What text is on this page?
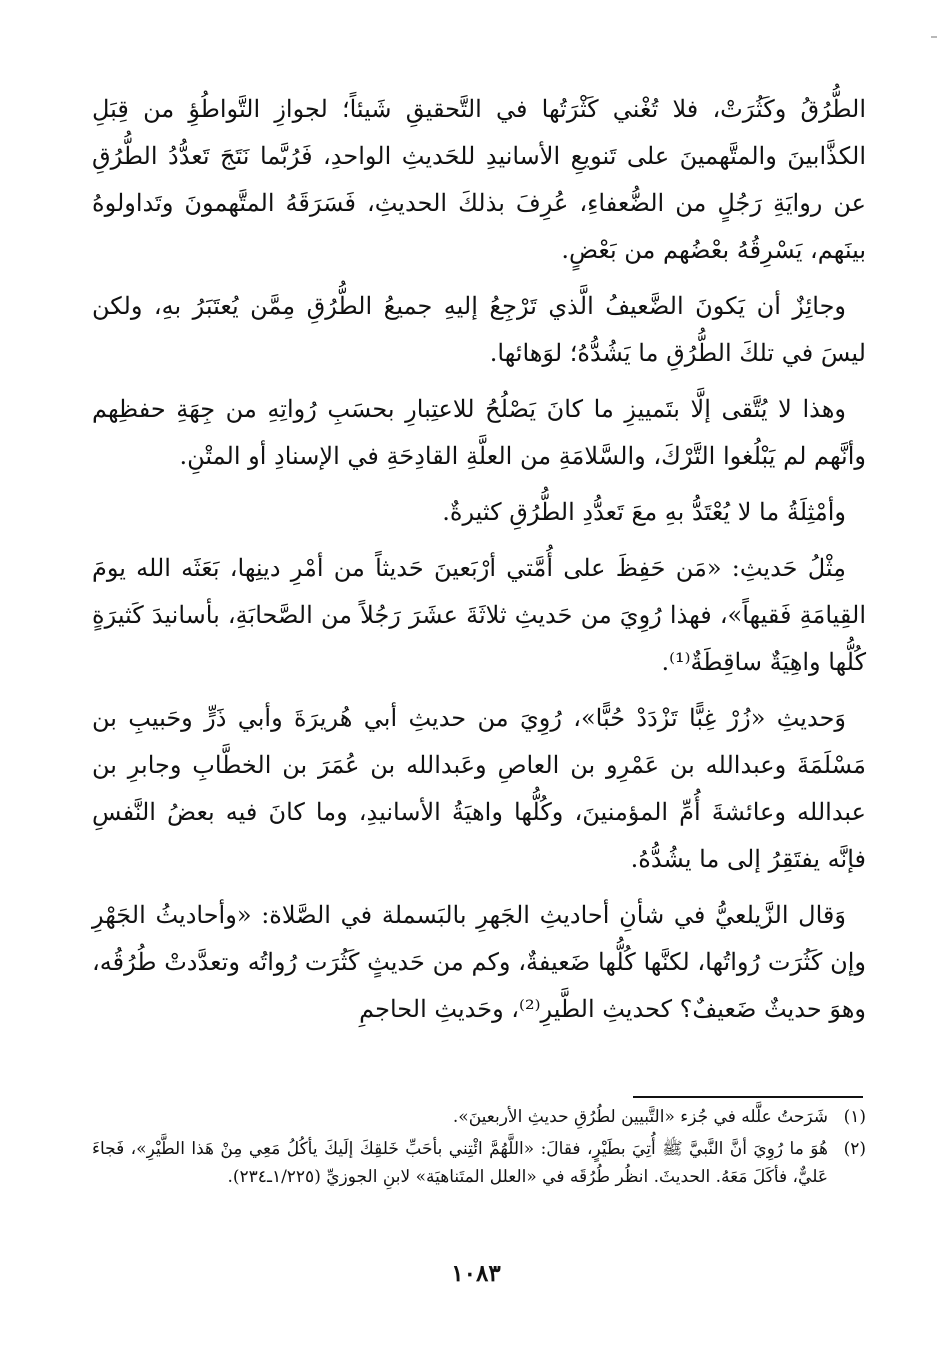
الطُّرُقُ وكَثُرَتْ، فلا تُغْني كَثْرَتُها في التَّحقيقِ شَيئاً؛ لجوازِ التَّواطُؤِ من قِبَلِ الكذَّابينَ والمتَّهمينَ على تَنويعِ الأسانيدِ للحَديثِ الواحدِ، فَرُبَّما نَتَجَ تَعدُّدُ الطُّرُقِ عن روايَةِ رَجُلٍ من الضُّعفاءِ، عُرِفَ بذلكَ الحديثِ، فَسَرَقَهُ المتَّهمونَ وتَداولوهُ بينَهم، يَسْرِقُهُ بعْضُهم من بَعْضٍ.

وجائِزٌ أن يَكونَ الضَّعيفُ الَّذي تَرْجِعُ إليهِ جميعُ الطُّرُقِ مِمَّن يُعتَبَرُ بهِ، ولكن ليسَ في تلكَ الطُّرُقِ ما يَشُدُّهُ؛ لوَهائها.

وهذا لا يُتَّقى إلَّا بتَمييزِ ما كانَ يَصْلُحُ للاعتِبارِ بحسَبِ رُواتِهِ من جِهَةِ حفظِهم وأنَّهم لم يَبْلُغوا التَّرْكَ، والسَّلامَةِ من العلَّةِ القادِحَةِ في الإسنادِ أو المتْنِ.

وأمْثِلَةُ ما لا يُعْتَدُّ بهِ معَ تَعدُّدِ الطُّرُقِ كثيرةٌ.

مِثْلُ حَديثِ: «مَن حَفِظَ على أُمَّتي أرْبَعينَ حَديثاً من أمْرِ دينِها، بَعَثَه الله يومَ القِيامَةِ فَقيهاً»، فهذا رُوِيَ من حَديثِ ثلاثَةَ عشَرَ رَجُلاً من الصَّحابَةِ، بأسانيدَ كَثيرَةٍ كُلُّها واهِيَةٌ ساقِطَةٌ⁽¹⁾.

وَحديثِ «زُرْ غِبًّا تَزْدَدْ حُبًّا»، رُوِيَ من حديثِ أبي هُريرَةَ وأبي ذَرٍّ وحَبيبِ بن مَسْلَمَةَ وعبدالله بن عَمْرِو بن العاصِ وعَبدالله بن عُمَرَ بن الخطَّابِ وجابرِ بن عبدالله وعائشةَ أُمِّ المؤمنينَ، وكُلُّها واهيَةُ الأسانيدِ، وما كانَ فيه بعضُ النَّفسِ فإنَّه يفتَقِرُ إلى ما يشُدُّهُ.

وَقال الزَّيلعيُّ في شأنِ أحاديثِ الجَهرِ بالبَسملة في الصَّلاة: «وأحاديثُ الجَهْرِ وإن كَثُرَت رُواتُها، لكنَّها كُلُّها ضَعيفةٌ، وكم من حَديثٍ كَثُرَت رُواتُه وتعدَّدتْ طُرُقُه، وهوَ حديثٌ ضَعيفٌ؟ كحديثِ الطَّيرِ⁽²⁾، وحَديثِ الحاجمِ

(١)
شَرَحتُ علَّله في جُزء «التَّبيين لطُرُقِ حديثِ الأربعينَ».
(٢)
هُوَ ما رُوِيَ أنَّ النَّبيَّ ﷺ أُتِيَ بطَيْرٍ، فقالَ: «اللَّهُمَّ ائْتِني بأحَبِّ خَلقِكَ إلَيكَ يأكُلُ مَعِي مِنْ هَذا الطَّيْرِ»، فَجاءَ عَليٌّ، فأكَلَ مَعَهُ. الحديثَ. انظُر طُرُقَه في «العلل المتَناهيَة» لابنِ الجوزيِّ (١/٢٢٥ـ٢٣٤).
١٠٨٣
